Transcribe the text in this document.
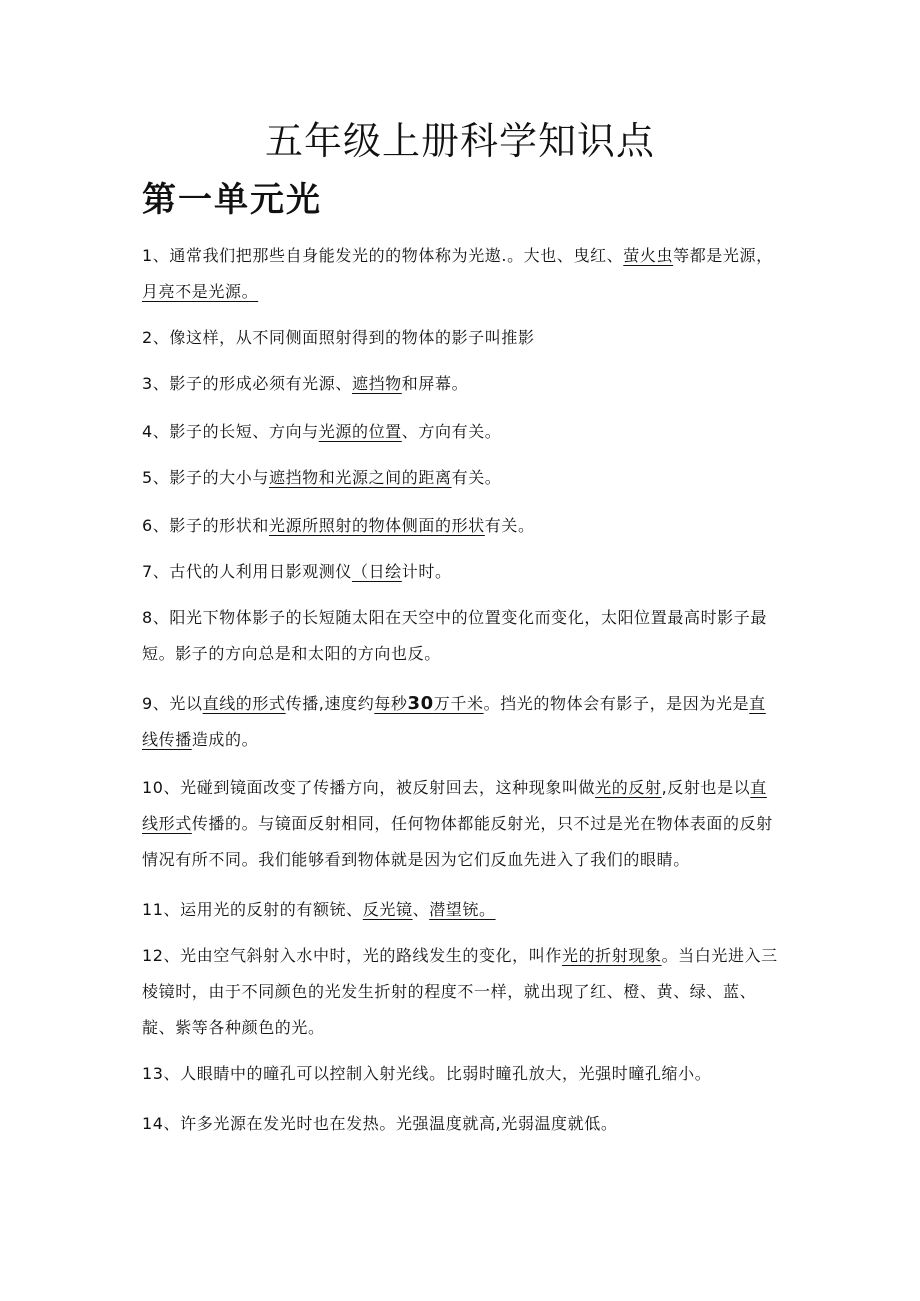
五年级上册科学知识点
第一单元光

1、通常我们把那些自身能发光的的物体称为光遨.。大也、曳红、萤火虫等都是光源，月亮不是光源。

2、像这样，从不同侧面照射得到的物体的影子叫推影

3、影子的形成必须有光源、遮挡物和屏幕。

4、影子的长短、方向与光源的位置、方向有关。

5、影子的大小与遮挡物和光源之间的距离有关。

6、影子的形状和光源所照射的物体侧面的形状有关。

7、古代的人利用日影观测仪（日绘计时。

8、阳光下物体影子的长短随太阳在天空中的位置变化而变化，太阳位置最高时影子最短。影子的方向总是和太阳的方向也反。

9、光以直线的形式传播,速度约每秒30万千米。挡光的物体会有影子，是因为光是直线传播造成的。

10、光碰到镜面改变了传播方向，被反射回去，这种现象叫做光的反射,反射也是以直线形式传播的。与镜面反射相同，任何物体都能反射光，只不过是光在物体表面的反射情况有所不同。我们能够看到物体就是因为它们反血先进入了我们的眼睛。

11、运用光的反射的有额铳、反光镜、潜望铳。

12、光由空气斜射入水中时，光的路线发生的变化，叫作光的折射现象。当白光进入三棱镜时，由于不同颜色的光发生折射的程度不一样，就出现了红、橙、黄、绿、蓝、靛、紫等各种颜色的光。

13、人眼睛中的曈孔可以控制入射光线。比弱时瞳孔放大，光强时曈孔缩小。

14、许多光源在发光时也在发热。光强温度就高,光弱温度就低。
